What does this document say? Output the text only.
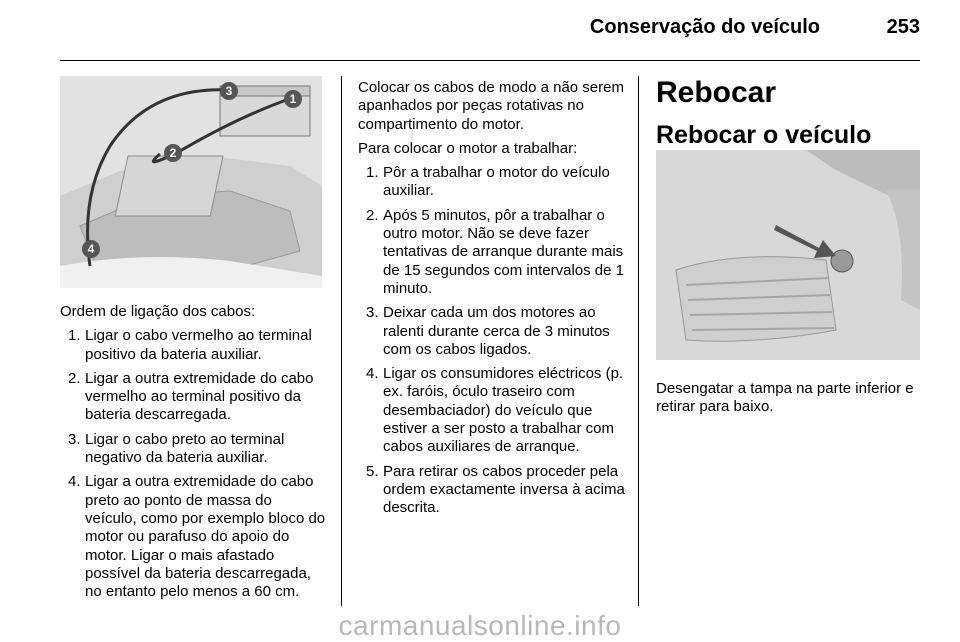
Conservação do veículo	253
1
2
3
4

Ordem de ligação dos cabos:

1. Ligar o cabo vermelho ao terminal positivo da bateria auxiliar.
2. Ligar a outra extremidade do cabo vermelho ao terminal positivo da bateria descarregada.
3. Ligar o cabo preto ao terminal negativo da bateria auxiliar.
4. Ligar a outra extremidade do cabo preto ao ponto de massa do veículo, como por exemplo bloco do motor ou parafuso do apoio do motor. Ligar o mais afastado possível da bateria descarregada, no entanto pelo menos a 60 cm.

Colocar os cabos de modo a não serem apanhados por peças rotativas no compartimento do motor.

Para colocar o motor a trabalhar:

1. Pôr a trabalhar o motor do veículo auxiliar.
2. Após 5 minutos, pôr a trabalhar o outro motor. Não se deve fazer tentativas de arranque durante mais de 15 segundos com intervalos de 1 minuto.
3. Deixar cada um dos motores ao ralenti durante cerca de 3 minutos com os cabos ligados.
4. Ligar os consumidores eléctricos (p. ex. faróis, óculo traseiro com desembaciador) do veículo que estiver a ser posto a trabalhar com cabos auxiliares de arranque.
5. Para retirar os cabos proceder pela ordem exactamente inversa à acima descrita.
Rebocar
Rebocar o veículo

Desengatar a tampa na parte inferior e retirar para baixo.

carmanualsonline.info
